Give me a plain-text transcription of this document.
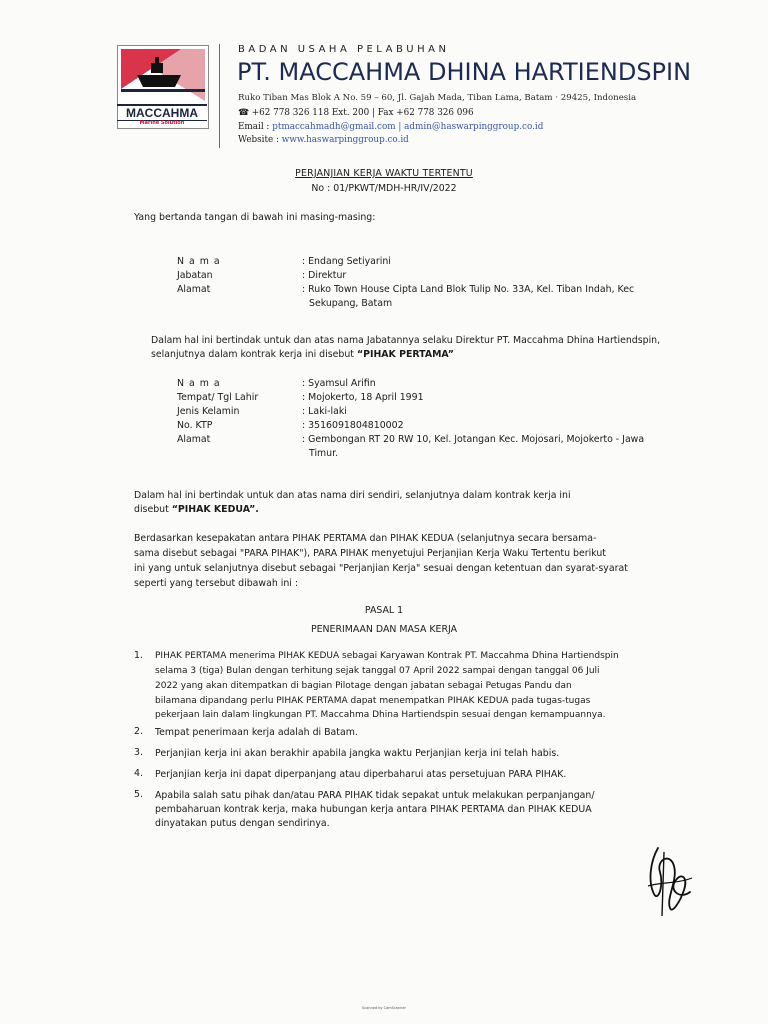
MACCAHMA
Marine Solution
BADAN USAHA PELABUHAN
PT. MACCAHMA DHINA HARTIENDSPIN
Ruko Tiban Mas Blok A No. 59 – 60, Jl. Gajah Mada, Tiban Lama, Batam · 29425, Indonesia
☎ +62 778 326 118 Ext. 200 | Fax +62 778 326 096
Email : ptmaccahmadh@gmail.com | admin@haswarpinggroup.co.id
Website : www.haswarpinggroup.co.id
PERJANJIAN KERJA WAKTU TERTENTU
No : 01/PKWT/MDH-HR/IV/2022
Yang bertanda tangan di bawah ini masing-masing:
N a m a	: Endang Setiyarini
Jabatan	: Direktur
Alamat	: Ruko Town House Cipta Land Blok Tulip No. 33A, Kel. Tiban Indah, Kec
Sekupang, Batam
Dalam hal ini bertindak untuk dan atas nama Jabatannya selaku Direktur PT. Maccahma Dhina Hartiendspin,
selanjutnya dalam kontrak kerja ini disebut “PIHAK PERTAMA”
N a m a	: Syamsul Arifin
Tempat/ Tgl Lahir	: Mojokerto, 18 April 1991
Jenis Kelamin	: Laki-laki
No. KTP	: 3516091804810002
Alamat	: Gembongan RT 20 RW 10, Kel. Jotangan Kec. Mojosari, Mojokerto - Jawa
Timur.
Dalam hal ini bertindak untuk dan atas nama diri sendiri, selanjutnya dalam kontrak kerja ini
disebut “PIHAK KEDUA”.
Berdasarkan kesepakatan antara PIHAK PERTAMA dan PIHAK KEDUA (selanjutnya secara bersama-
sama disebut sebagai "PARA PIHAK"), PARA PIHAK menyetujui Perjanjian Kerja Waku Tertentu berikut
ini yang untuk selanjutnya disebut sebagai "Perjanjian Kerja" sesuai dengan ketentuan dan syarat-syarat
seperti yang tersebut dibawah ini :
PASAL 1
PENERIMAAN DAN MASA KERJA
1. PIHAK PERTAMA menerima PIHAK KEDUA sebagai Karyawan Kontrak PT. Maccahma Dhina Hartiendspin
selama 3 (tiga) Bulan dengan terhitung sejak tanggal 07 April 2022 sampai dengan tanggal 06 Juli
2022 yang akan ditempatkan di bagian Pilotage dengan jabatan sebagai Petugas Pandu dan
bilamana dipandang perlu PIHAK PERTAMA dapat menempatkan PIHAK KEDUA pada tugas-tugas
pekerjaan lain dalam lingkungan PT. Maccahma Dhina Hartiendspin sesuai dengan kemampuannya.
2. Tempat penerimaan kerja adalah di Batam.
3. Perjanjian kerja ini akan berakhir apabila jangka waktu Perjanjian kerja ini telah habis.
4. Perjanjian kerja ini dapat diperpanjang atau diperbaharui atas persetujuan PARA PIHAK.
5. Apabila salah satu pihak dan/atau PARA PIHAK tidak sepakat untuk melakukan perpanjangan/
pembaharuan kontrak kerja, maka hubungan kerja antara PIHAK PERTAMA dan PIHAK KEDUA
dinyatakan putus dengan sendirinya.
Scanned by CamScanner
